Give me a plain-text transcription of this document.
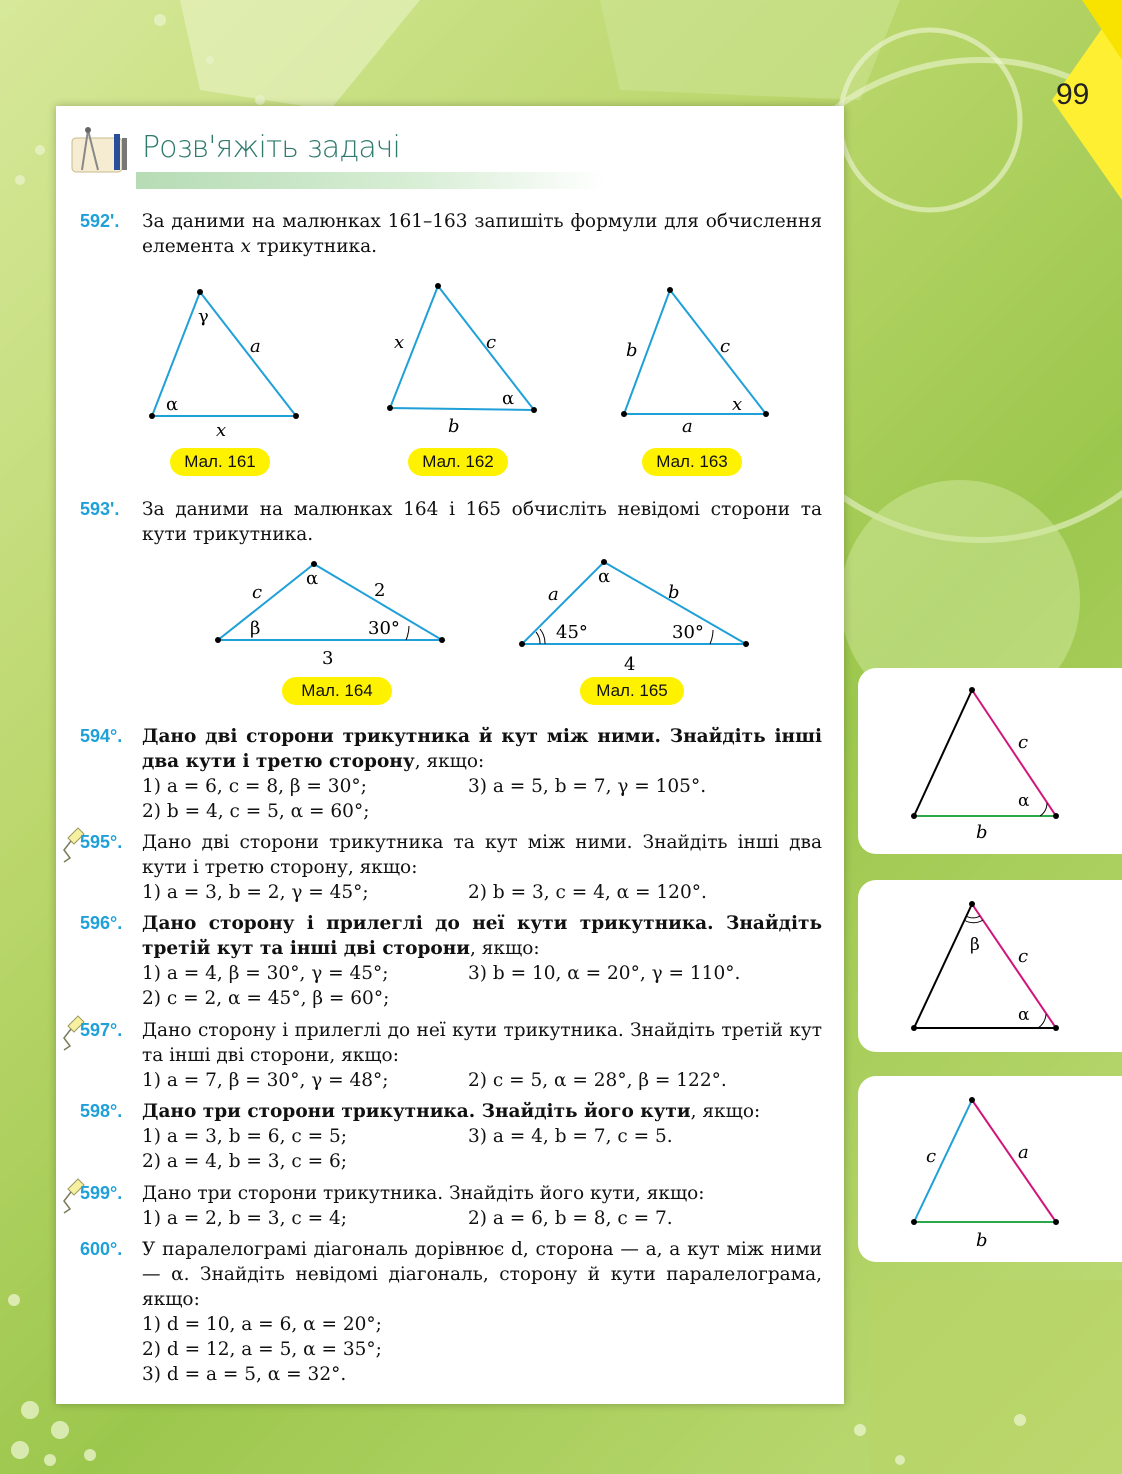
99
Розв'яжіть задачі
592'. За даними на малюнках 161–163 запишіть формули для обчислення елемента x трикутника.
γ
a
α
x
Мал. 161
x	c
α
b
Мал. 162
b	c
x
a
Мал. 163
593'. За даними на малюнках 164 і 165 обчисліть невідомі сторони та кути трикутника.
c
α
2
β	30°
3
Мал. 164
a
α
b
45°	30°
4
Мал. 165
594°. Дано дві сторони трикутника й кут між ними. Знайдіть інші два кути і третю сторону, якщо:
1) a = 6, c = 8, β = 30°;	3) a = 5, b = 7, γ = 105°.
2) b = 4, c = 5, α = 60°;
595°. Дано дві сторони трикутника та кут між ними. Знайдіть інші два кути і третю сторону, якщо:
1) a = 3, b = 2, γ = 45°;	2) b = 3, c = 4, α = 120°.
596°. Дано сторону і прилеглі до неї кути трикутника. Знайдіть третій кут та інші дві сторони, якщо:
1) a = 4, β = 30°, γ = 45°;	3) b = 10, α = 20°, γ = 110°.
2) c = 2, α = 45°, β = 60°;
597°. Дано сторону і прилеглі до неї кути трикутника. Знайдіть третій кут та інші дві сторони, якщо:
1) a = 7, β = 30°, γ = 48°;	2) c = 5, α = 28°, β = 122°.
598°. Дано три сторони трикутника. Знайдіть його кути, якщо:
1) a = 3, b = 6, c = 5;	3) a = 4, b = 7, c = 5.
2) a = 4, b = 3, c = 6;
599°. Дано три сторони трикутника. Знайдіть його кути, якщо:
1) a = 2, b = 3, c = 4;	2) a = 6, b = 8, c = 7.
600°. У паралелограмі діагональ дорівнює d, сторона — a, а кут між ними — α. Знайдіть невідомі діагональ, сторону й кути паралелограма, якщо:
1) d = 10, a = 6, α = 20°;
2) d = 12, a = 5, α = 35°;
3) d = a = 5, α = 32°.
c
α
b
β
c
α
c	a
b
